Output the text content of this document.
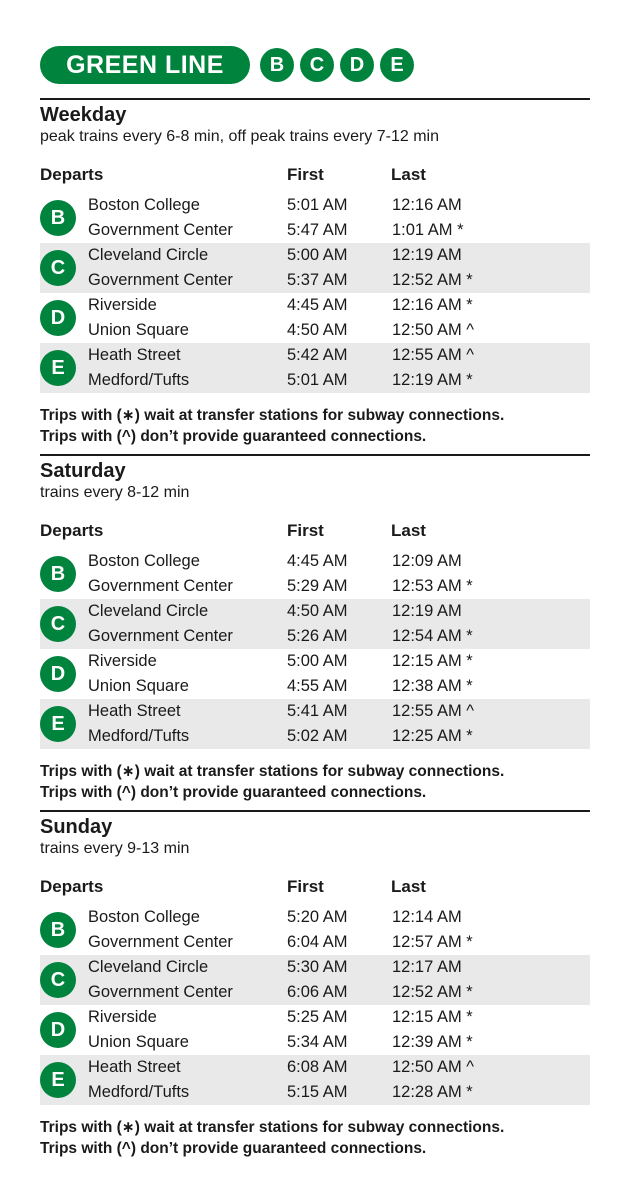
GREEN LINE	B	C	D	E
Weekday
peak trains every 6-8 min, off peak trains every 7-12 min
Departs	First	Last
B
Boston College	5:01 AM	12:16 AM
Government Center	5:47 AM	1:01 AM *
C
Cleveland Circle	5:00 AM	12:19 AM
Government Center	5:37 AM	12:52 AM *
D
Riverside	4:45 AM	12:16 AM *
Union Square	4:50 AM	12:50 AM ^
E
Heath Street	5:42 AM	12:55 AM ^
Medford/Tufts	5:01 AM	12:19 AM *
Trips with (∗) wait at transfer stations for subway connections.
Trips with (^) don’t provide guaranteed connections.
Saturday
trains every 8-12 min
Departs	First	Last
B
Boston College	4:45 AM	12:09 AM
Government Center	5:29 AM	12:53 AM *
C
Cleveland Circle	4:50 AM	12:19 AM
Government Center	5:26 AM	12:54 AM *
D
Riverside	5:00 AM	12:15 AM *
Union Square	4:55 AM	12:38 AM *
E
Heath Street	5:41 AM	12:55 AM ^
Medford/Tufts	5:02 AM	12:25 AM *
Trips with (∗) wait at transfer stations for subway connections.
Trips with (^) don’t provide guaranteed connections.
Sunday
trains every 9-13 min
Departs	First	Last
B
Boston College	5:20 AM	12:14 AM
Government Center	6:04 AM	12:57 AM *
C
Cleveland Circle	5:30 AM	12:17 AM
Government Center	6:06 AM	12:52 AM *
D
Riverside	5:25 AM	12:15 AM *
Union Square	5:34 AM	12:39 AM *
E
Heath Street	6:08 AM	12:50 AM ^
Medford/Tufts	5:15 AM	12:28 AM *
Trips with (∗) wait at transfer stations for subway connections.
Trips with (^) don’t provide guaranteed connections.
